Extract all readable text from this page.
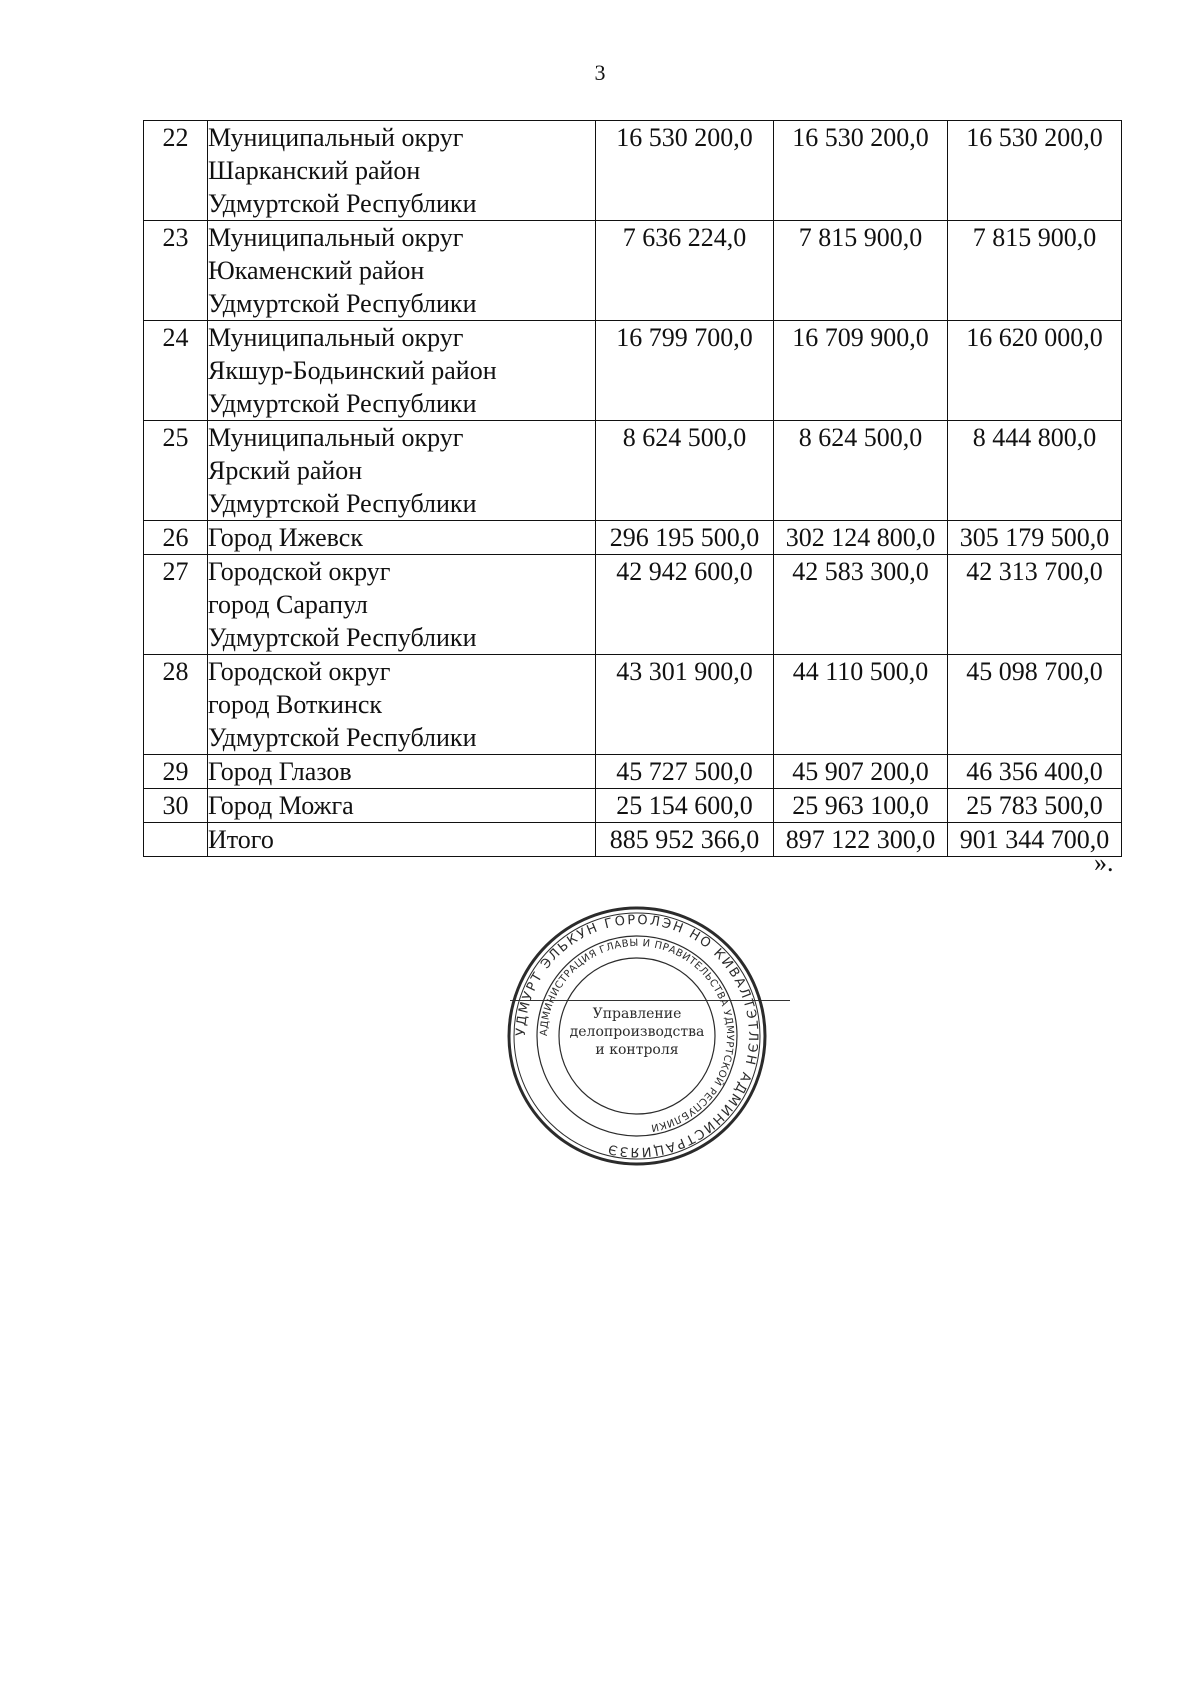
3
22	Муниципальный округ
Шарканский район
Удмуртской Республики	16 530 200,0	16 530 200,0	16 530 200,0
23	Муниципальный округ
Юкаменский район
Удмуртской Республики	7 636 224,0	7 815 900,0	7 815 900,0
24	Муниципальный округ
Якшур-Бодьинский район
Удмуртской Республики	16 799 700,0	16 709 900,0	16 620 000,0
25	Муниципальный округ
Ярский район
Удмуртской Республики	8 624 500,0	8 624 500,0	8 444 800,0
26	Город Ижевск	296 195 500,0	302 124 800,0	305 179 500,0
27	Городской округ
город Сарапул
Удмуртской Республики	42 942 600,0	42 583 300,0	42 313 700,0
28	Городской округ
город Воткинск
Удмуртской Республики	43 301 900,0	44 110 500,0	45 098 700,0
29	Город Глазов	45 727 500,0	45 907 200,0	46 356 400,0
30	Город Можга	25 154 600,0	25 963 100,0	25 783 500,0

	Итого	885 952 366,0	897 122 300,0	901 344 700,0
».
УДМУРТ ЭЛЬКУН ГОРОЛЭН НО КИВАЛТЭТЛЭН АДМИНИСТРАЦИЯЗЭ
АДМИНИСТРАЦИЯ ГЛАВЫ И ПРАВИТЕЛЬСТВА УДМУРТСКОЙ РЕСПУБЛИКИ
Управление делопроизводства и контроля
